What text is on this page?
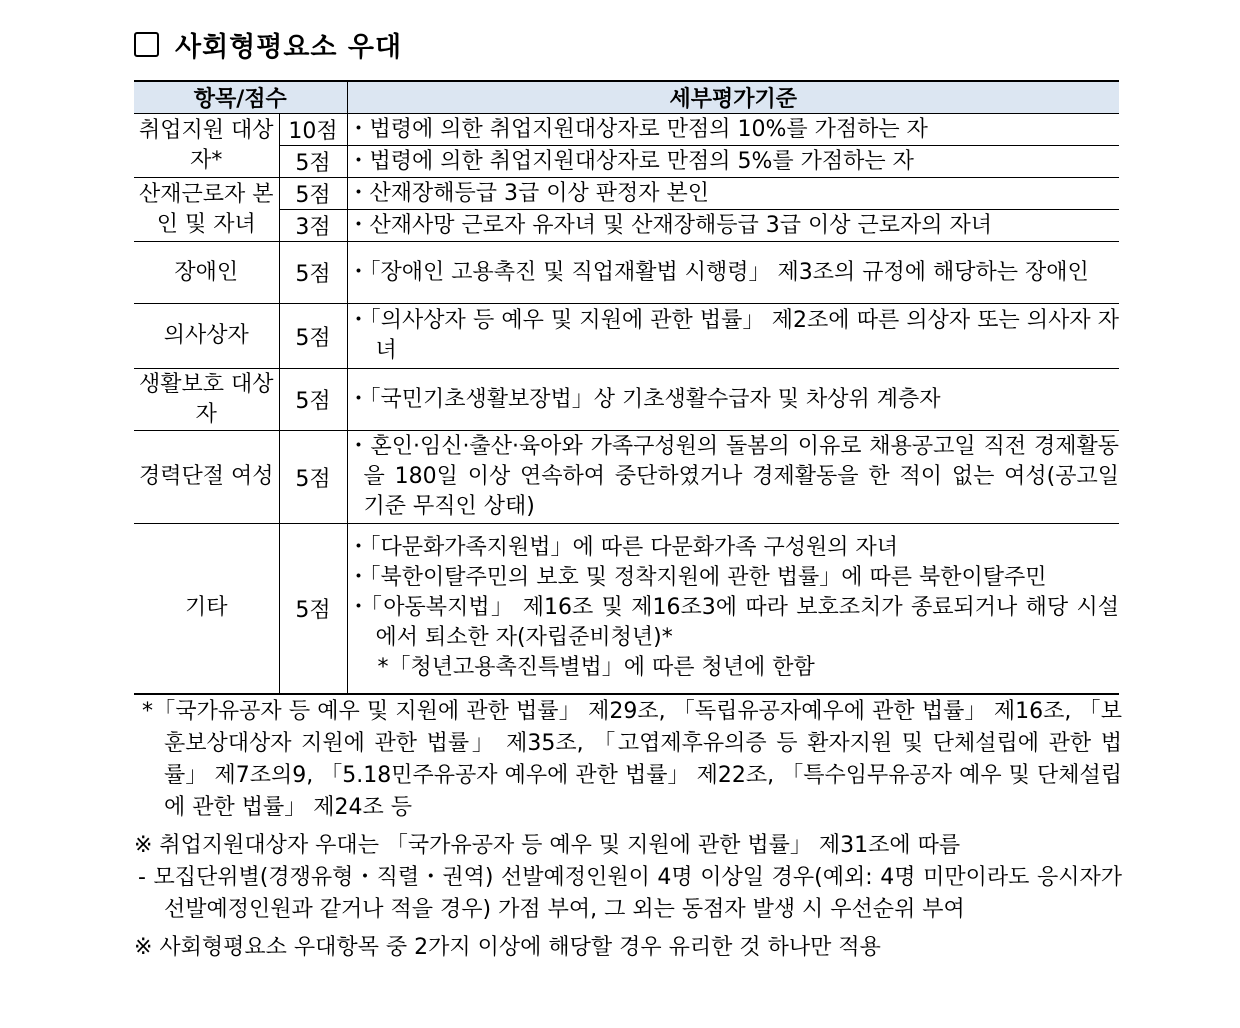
사회형평요소 우대
항목/점수		세부평가기준
취업지원 대상자*	10점	・법령에 의한 취업지원대상자로 만점의 10%를 가점하는 자
	5점	・법령에 의한 취업지원대상자로 만점의 5%를 가점하는 자
산재근로자 본인 및 자녀	5점	・산재장해등급 3급 이상 판정자 본인
	3점	・산재사망 근로자 유자녀 및 산재장해등급 3급 이상 근로자의 자녀
장애인	5점	・「장애인 고용촉진 및 직업재활법 시행령」 제3조의 규정에 해당하는 장애인

의사상자	5점	・「의사상자 등 예우 및 지원에 관한 법률」 제2조에 따른 의상자 또는 의사자 자녀

생활보호 대상자	5점	・「국민기초생활보장법」상 기초생활수급자 및 차상위 계층자
경력단절 여성	5점	・혼인·임신·출산·육아와 가족구성원의 돌봄의 이유로 채용공고일 직전 경제활동을 180일 이상 연속하여 중단하였거나 경제활동을 한 적이 없는 여성(공고일 기준 무직인 상태)

기타	5점	・「다문화가족지원법」에 따른 다문화가족 구성원의 자녀
・「북한이탈주민의 보호 및 정착지원에 관한 법률」에 따른 북한이탈주민
・「아동복지법」 제16조 및 제16조3에 따라 보호조치가 종료되거나 해당 시설에서 퇴소한 자(자립준비청년)*
*「청년고용촉진특별법」에 따른 청년에 한함
*「국가유공자 등 예우 및 지원에 관한 법률」 제29조, 「독립유공자예우에 관한 법률」 제16조, 「보훈보상대상자 지원에 관한 법률」 제35조, 「고엽제후유의증 등 환자지원 및 단체설립에 관한 법률」 제7조의9, 「5.18민주유공자 예우에 관한 법률」 제22조, 「특수임무유공자 예우 및 단체설립에 관한 법률」 제24조 등
※ 취업지원대상자 우대는 「국가유공자 등 예우 및 지원에 관한 법률」 제31조에 따름
- 모집단위별(경쟁유형・직렬・권역) 선발예정인원이 4명 이상일 경우(예외: 4명 미만이라도 응시자가 선발예정인원과 같거나 적을 경우) 가점 부여, 그 외는 동점자 발생 시 우선순위 부여
※ 사회형평요소 우대항목 중 2가지 이상에 해당할 경우 유리한 것 하나만 적용
